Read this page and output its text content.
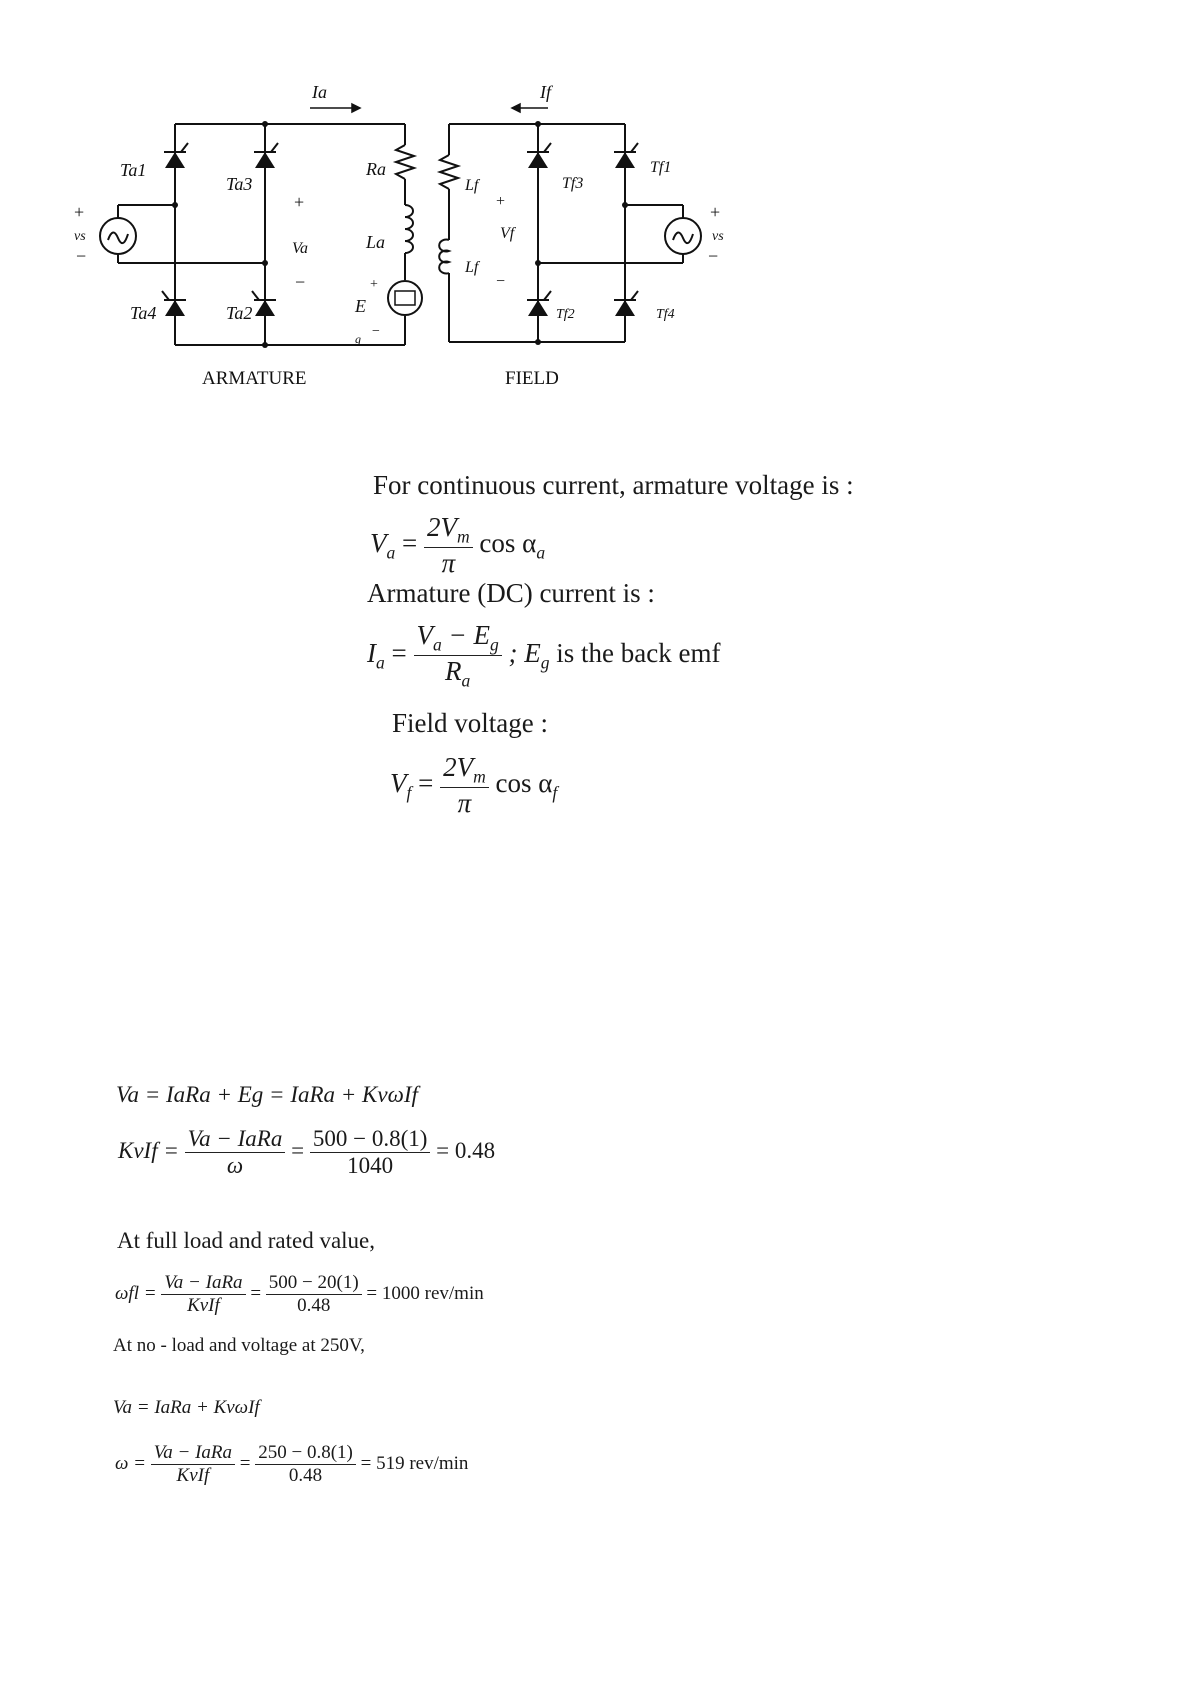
Ia
Ta1
Ta3
Ta4	Ta2
Ra
La
E
g
Va
+
−	+
−
+
vs
−
If
Lf
Lf
Vf
+
−
Tf3
Tf1
Tf2	Tf4
+
vs
−
ARMATURE	FIELD
For continuous current, armature voltage is :
$V_a = \frac{2V_m}{\pi}$ $\cos \alpha_a$
Armature (DC) current is :
$I_a = \frac{V_a - E_g}{R_a}$ ; $E_g$ is the back emf
Field voltage :
$V_f = \frac{2V_m}{\pi}$ $\cos \alpha_f$
Va = IaRa + Eg = IaRa + KvωIf
KvIf = $\frac{\text{Va − IaRa}}{\omega} = \frac{500 - 0.8(1)}{1040} = 0.48$
At full load and rated value,
$\omega fl = \frac{\text{Va − IaRa}}{\text{KvIf}} = \frac{500 - 20(1)}{0.48} = 1000$ rev/min
At no - load and voltage at 250V,
Va = IaRa + KvωIf
$\omega = \frac{\text{Va − IaRa}}{\text{KvIf}} = \frac{250 - 0.8(1)}{0.48} = 519$ rev/min
